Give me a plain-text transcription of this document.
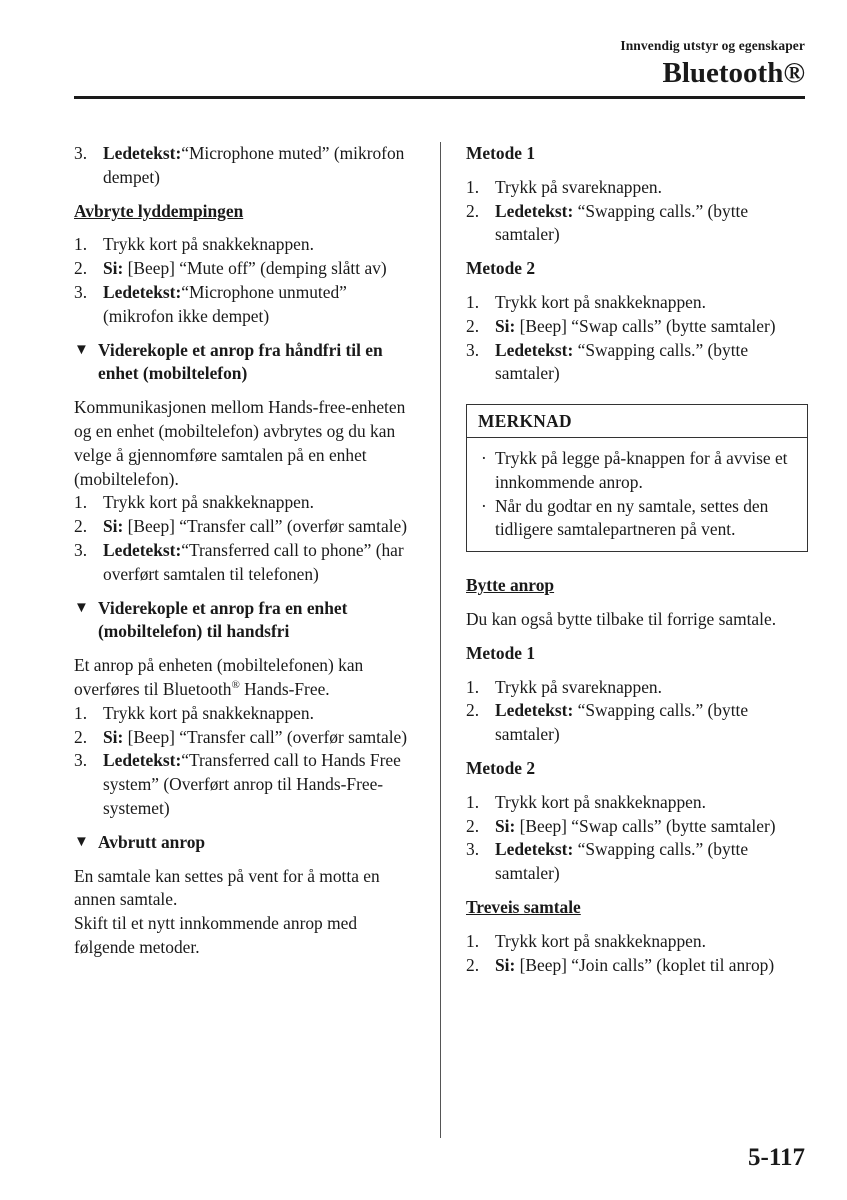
Innvendig utstyr og egenskaper
Bluetooth®
3. Ledetekst:“Microphone muted” (mikrofon dempet)

Avbryte lyddempingen

1. Trykk kort på snakkeknappen.
2. Si: [Beep] “Mute off” (demping slått av)
3. Ledetekst:“Microphone unmuted” (mikrofon ikke dempet)
▼ Viderekople et anrop fra håndfri til en enhet (mobiltelefon)

Kommunikasjonen mellom Hands-free-enheten og en enhet (mobiltelefon) avbrytes og du kan velge å gjennomføre samtalen på en enhet (mobiltelefon).

1. Trykk kort på snakkeknappen.
2. Si: [Beep] “Transfer call” (overfør samtale)
3. Ledetekst:“Transferred call to phone” (har overført samtalen til telefonen)
▼ Viderekople et anrop fra en enhet (mobiltelefon) til handsfri

Et anrop på enheten (mobiltelefonen) kan overføres til Bluetooth® Hands-Free.

1. Trykk kort på snakkeknappen.
2. Si: [Beep] “Transfer call” (overfør samtale)
3. Ledetekst:“Transferred call to Hands Free system” (Overført anrop til Hands-Free-systemet)
▼ Avbrutt anrop

En samtale kan settes på vent for å motta en annen samtale.

Skift til et nytt innkommende anrop med følgende metoder.

Metode 1

1. Trykk på svareknappen.
2. Ledetekst: “Swapping calls.” (bytte samtaler)

Metode 2

1. Trykk kort på snakkeknappen.
2. Si: [Beep] “Swap calls” (bytte samtaler)
3. Ledetekst: “Swapping calls.” (bytte samtaler)
MERKNAD
· Trykk på legge på-knappen for å avvise et innkommende anrop.
· Når du godtar en ny samtale, settes den tidligere samtalepartneren på vent.

Bytte anrop

Du kan også bytte tilbake til forrige samtale.

Metode 1

1. Trykk på svareknappen.
2. Ledetekst: “Swapping calls.” (bytte samtaler)

Metode 2

1. Trykk kort på snakkeknappen.
2. Si: [Beep] “Swap calls” (bytte samtaler)
3. Ledetekst: “Swapping calls.” (bytte samtaler)

Treveis samtale

1. Trykk kort på snakkeknappen.
2. Si: [Beep] “Join calls” (koplet til anrop)
5-117
